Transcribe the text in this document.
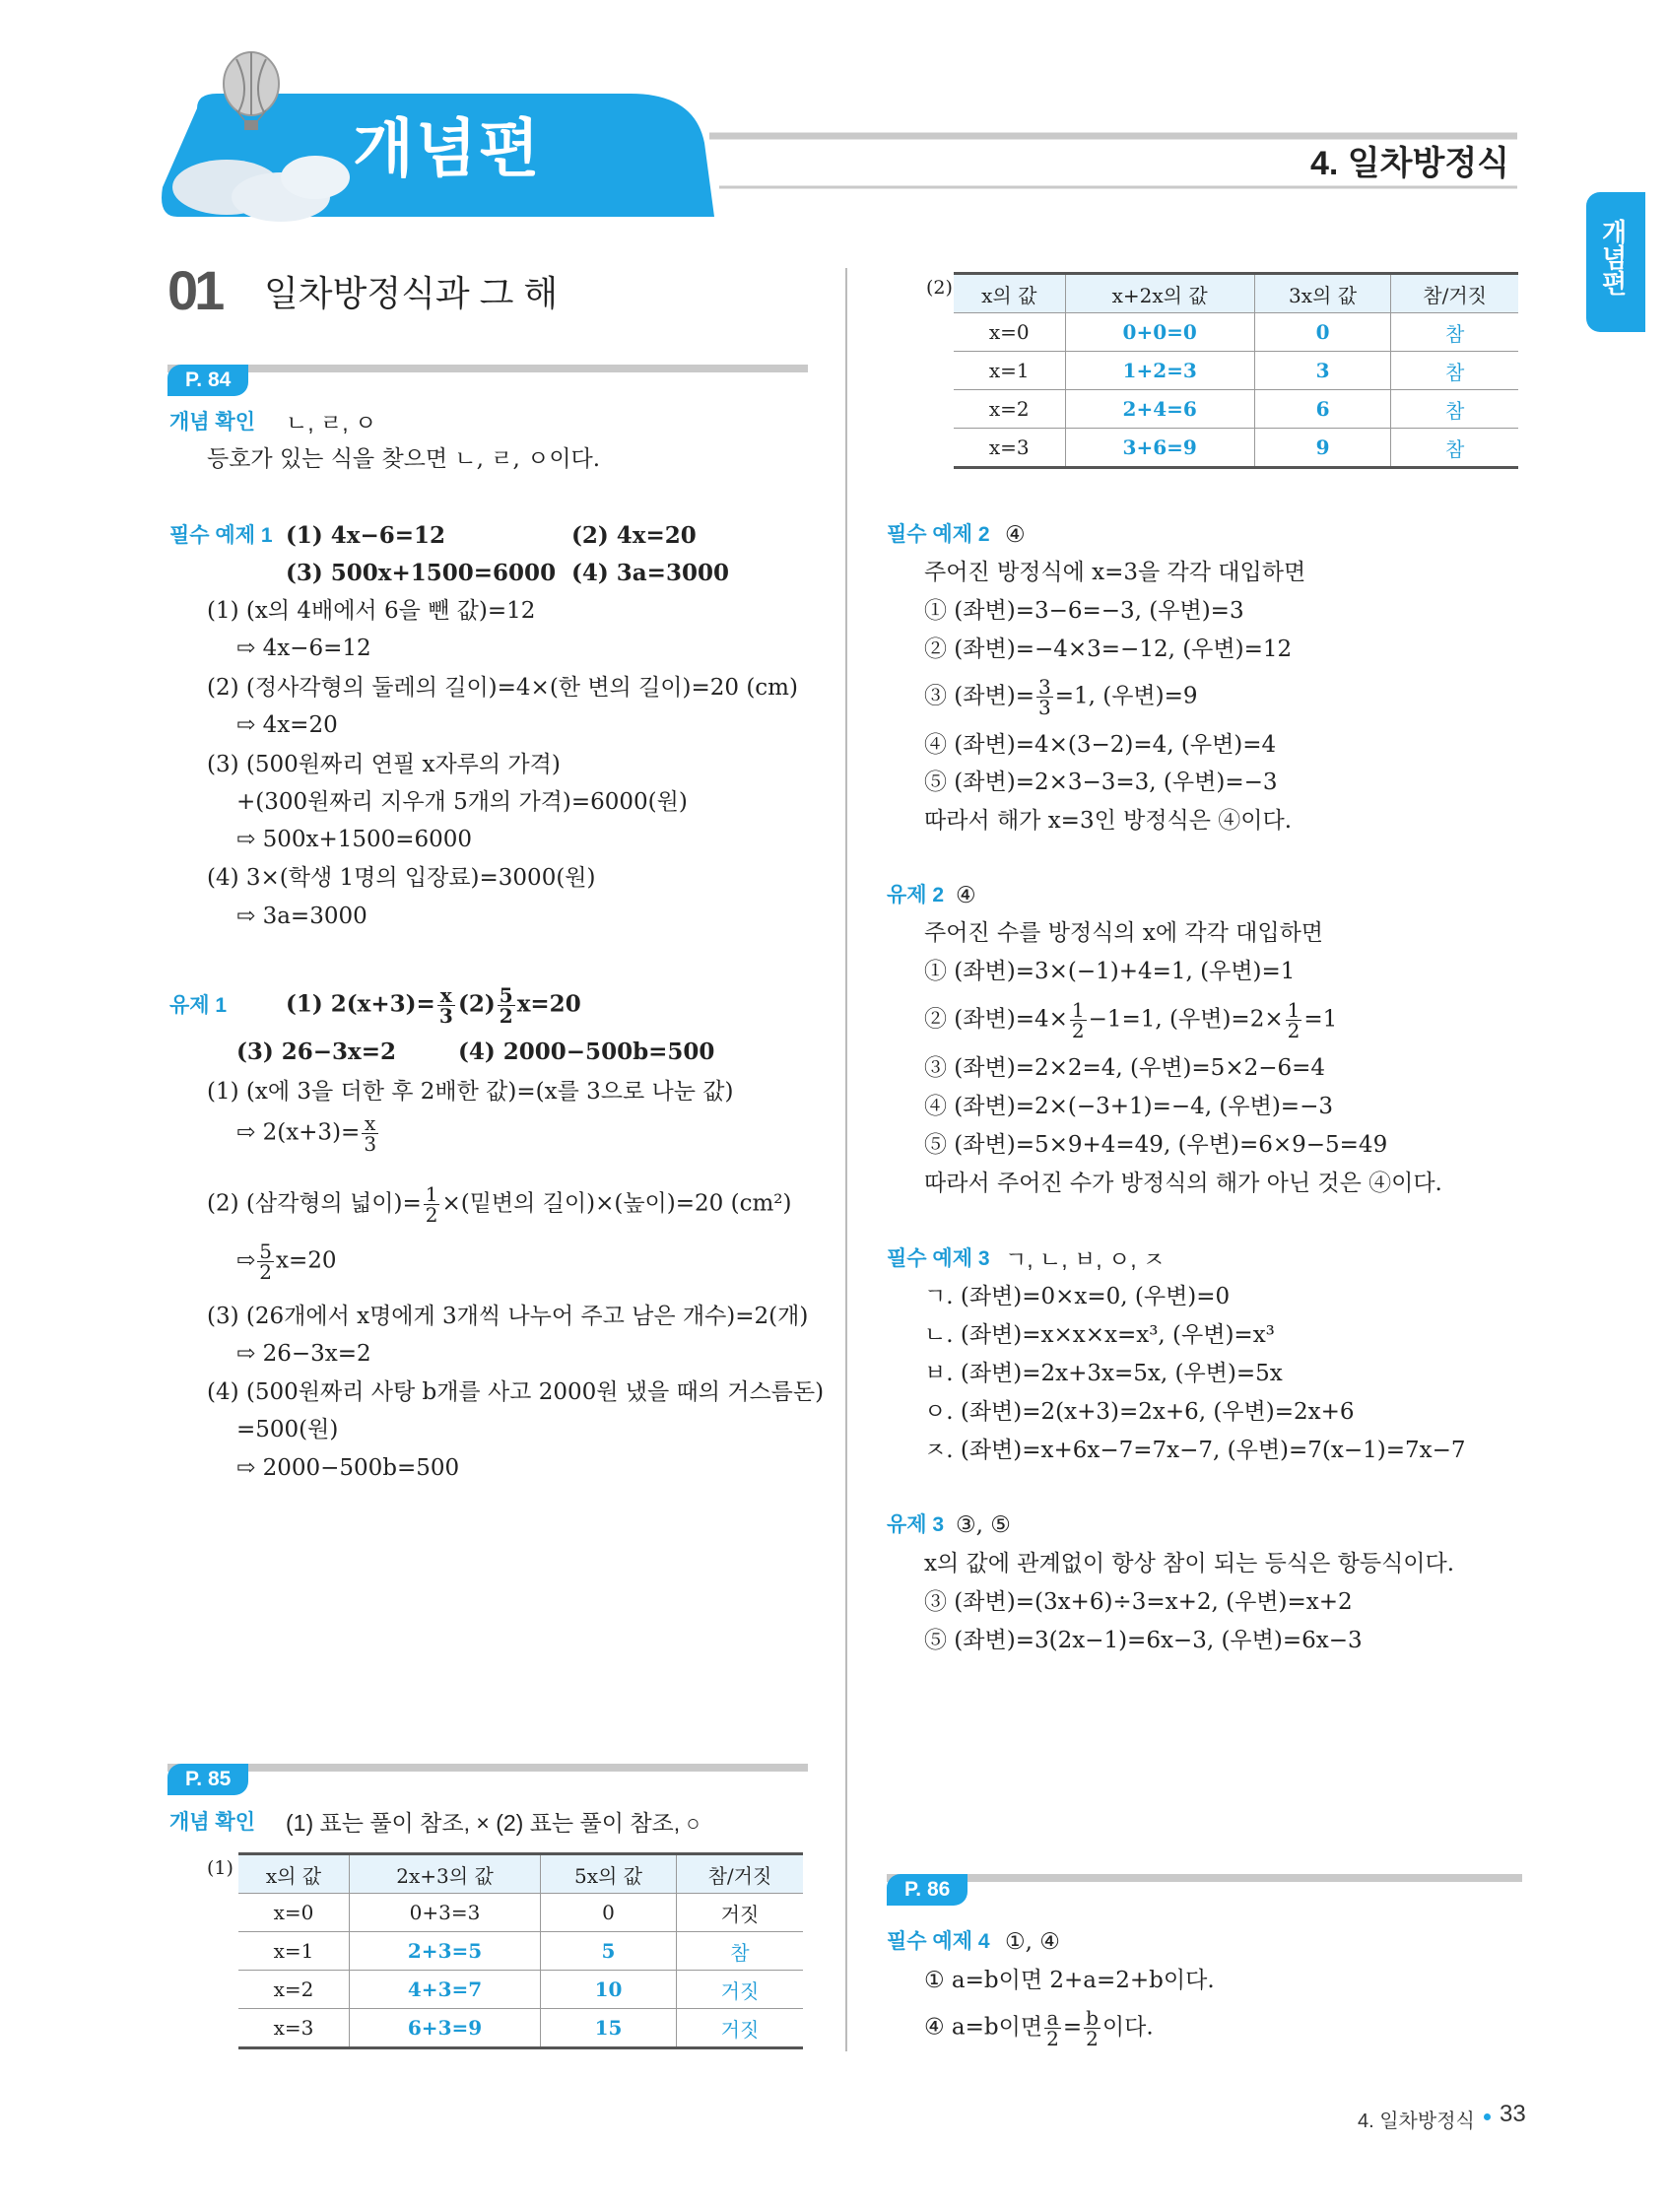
개념편	4. 일차방정식
개념편
01 일차방정식과 그 해
P. 84
개념 확인 ㄴ, ㄹ, ㅇ
등호가 있는 식을 찾으면 ㄴ, ㄹ, ㅇ이다.
필수 예제 1 (1) 4x−6=12	(2) 4x=20
(3) 500x+1500=6000 (4) 3a=3000
(1) (x의 4배에서 6을 뺀 값)=12
⇨ 4x−6=12
(2) (정사각형의 둘레의 길이)=4×(한 변의 길이)=20 (cm)
⇨ 4x=20
(3) (500원짜리 연필 x자루의 가격)
+(300원짜리 지우개 5개의 가격)=6000(원)
⇨ 500x+1500=6000
(4) 3×(학생 1명의 입장료)=3000(원)
⇨ 3a=3000
유제 1	(1) $2(x+3)= \frac{x}{3} (2) \frac{5}{2} x=20$
(3) 26−3x=2	(4) 2000−500b=500
(1) (x에 3을 더한 후 2배한 값)=(x를 3으로 나눈 값)
⇨ $2(x+3)= \frac{x}{3}$
(2) (삼각형의 넓이)= $\frac{1}{2}$ ×(밑변의 길이)×(높이)=20 (cm²)
⇨ $\frac{5}{2} x=20$
(3) (26개에서 x명에게 3개씩 나누어 주고 남은 개수)=2(개)
⇨ 26−3x=2
(4) (500원짜리 사탕 b개를 사고 2000원 냈을 때의 거스름돈)
=500(원)
⇨ 2000−500b=500
P. 85
개념 확인 (1) 표는 풀이 참조, × (2) 표는 풀이 참조, ○
(1) x의 값	2x+3의 값	5x의 값	참/거짓
x=0	0+3=3	0	거짓
x=1	2+3=5	5	참
x=2	4+3=7	10	거짓
x=3	6+3=9	15	거짓
(2) x의 값	x+2x의 값	3x의 값	참/거짓
x=0	0+0=0	0	참
x=1	1+2=3	3	참
x=2	2+4=6	6	참
x=3	3+6=9	9	참
필수 예제 2 ④
주어진 방정식에 x=3을 각각 대입하면
① (좌변)=3−6=−3, (우변)=3
② (좌변)=−4×3=−12, (우변)=12
③ (좌변)= $\frac{3}{3} =1$, (우변)=9
④ (좌변)=4×(3−2)=4, (우변)=4
⑤ (좌변)=2×3−3=3, (우변)=−3
따라서 해가 x=3인 방정식은 ④이다.
유제 2 ④
주어진 수를 방정식의 x에 각각 대입하면
① (좌변)=3×(−1)+4=1, (우변)=1
② (좌변)$=4\times \frac{1}{2} -1=1$, (우변)$=2\times \frac{1}{2} =1$
③ (좌변)=2×2=4, (우변)=5×2−6=4
④ (좌변)=2×(−3+1)=−4, (우변)=−3
⑤ (좌변)=5×9+4=49, (우변)=6×9−5=49
따라서 주어진 수가 방정식의 해가 아닌 것은 ④이다.
필수 예제 3 ㄱ, ㄴ, ㅂ, ㅇ, ㅈ
ㄱ. (좌변)=0×x=0, (우변)=0
ㄴ. (좌변)=x×x×x=x³, (우변)=x³
ㅂ. (좌변)=2x+3x=5x, (우변)=5x
ㅇ. (좌변)=2(x+3)=2x+6, (우변)=2x+6
ㅈ. (좌변)=x+6x−7=7x−7, (우변)=7(x−1)=7x−7
유제 3 ③, ⑤
x의 값에 관계없이 항상 참이 되는 등식은 항등식이다.
③ (좌변)=(3x+6)÷3=x+2, (우변)=x+2
⑤ (좌변)=3(2x−1)=6x−3, (우변)=6x−3
P. 86
필수 예제 4 ①, ④
① a=b이면 2+a=2+b이다.
④ a=b이면 $\frac{a}{2} = \frac{b}{2}$ 이다.
4. 일차방정식 33
